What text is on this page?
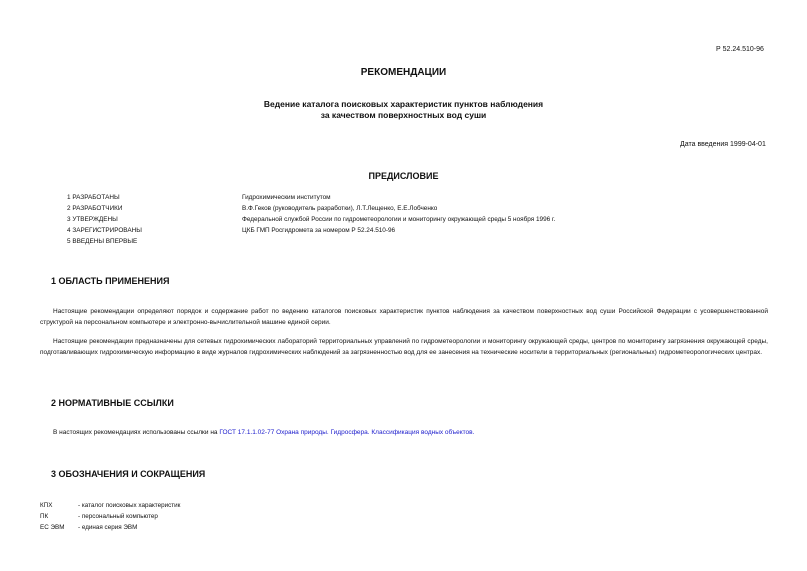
Р 52.24.510-96
РЕКОМЕНДАЦИИ
Ведение каталога поисковых характеристик пунктов наблюдения
за качеством поверхностных вод суши
Дата введения 1999-04-01
ПРЕДИСЛОВИЕ
1 РАЗРАБОТАНЫ	Гидрохимическим институтом
2 РАЗРАБОТЧИКИ	В.Ф.Геков (руководитель разработки), Л.Т.Лещенко, Е.Е.Лобченко
3 УТВЕРЖДЕНЫ	Федеральной службой России по гидрометеорологии и мониторингу окружающей среды 5 ноября 1996 г.
4 ЗАРЕГИСТРИРОВАНЫ	ЦКБ ГМП Росгидромета за номером Р 52.24.510-96
5 ВВЕДЕНЫ ВПЕРВЫЕ
1 ОБЛАСТЬ ПРИМЕНЕНИЯ

Настоящие рекомендации определяют порядок и содержание работ по ведению каталогов поисковых характеристик пунктов наблюдения за качеством поверхностных вод суши Российской Федерации с усовершенствованной структурой на персональном компьютере и электронно-вычислительной машине единой серии.

Настоящие рекомендации предназначены для сетевых гидрохимических лабораторий территориальных управлений по гидрометеорологии и мониторингу окружающей среды, центров по мониторингу загрязнения окружающей среды, подготавливающих гидрохимическую информацию в виде журналов гидрохимических наблюдений за загрязненностью вод для ее занесения на технические носители в территориальных (региональных) гидрометеорологических центрах.

2 НОРМАТИВНЫЕ ССЫЛКИ

В настоящих рекомендациях использованы ссылки на ГОСТ 17.1.1.02-77 Охрана природы. Гидросфера. Классификация водных объектов.

3 ОБОЗНАЧЕНИЯ И СОКРАЩЕНИЯ
КПХ	- каталог поисковых характеристик
ПК	- персональный компьютер
ЕС ЭВМ - единая серия ЭВМ
